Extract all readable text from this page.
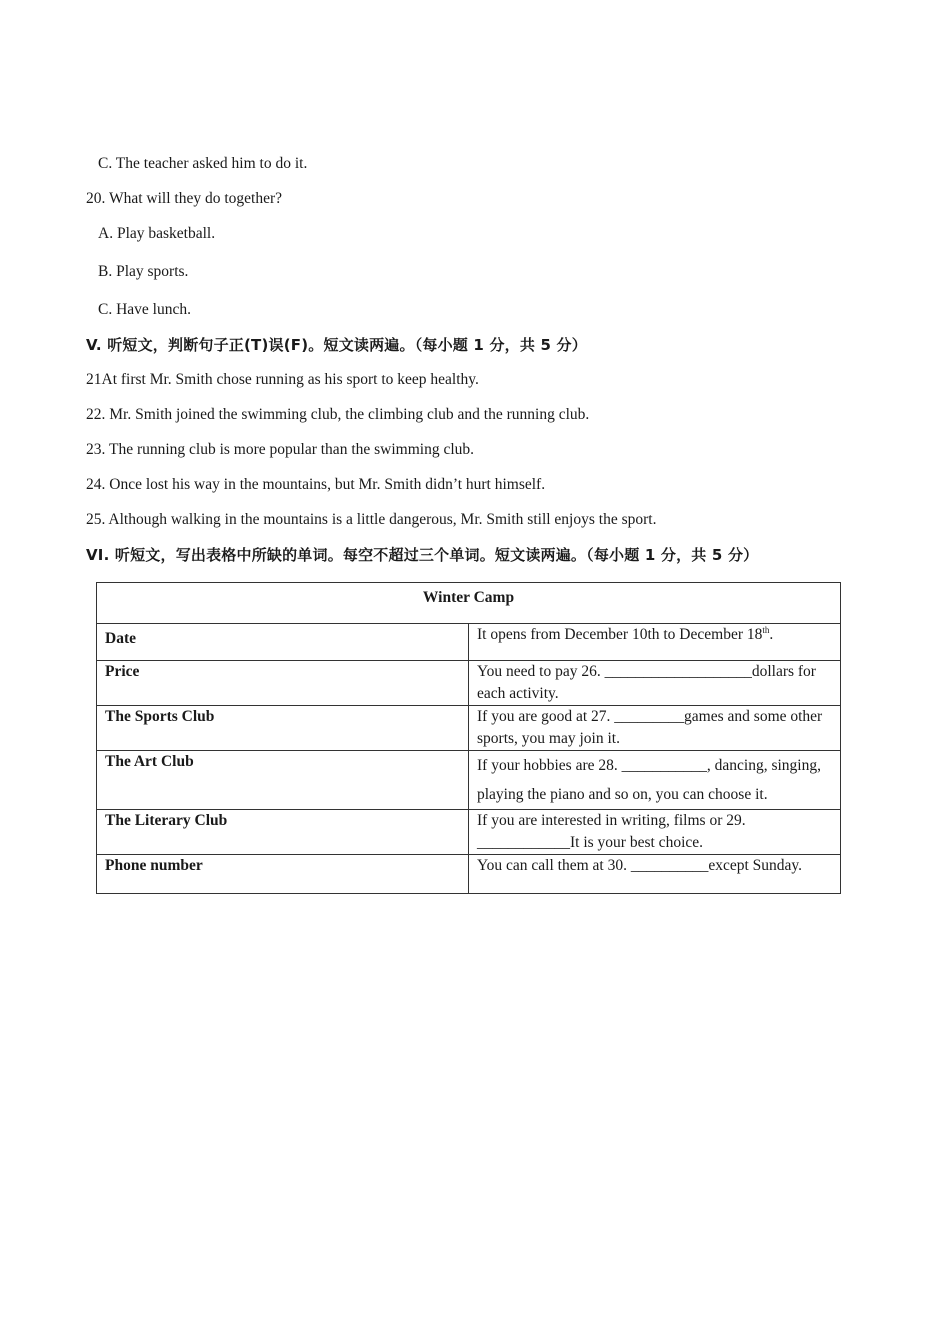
C. The teacher asked him to do it.
20. What will they do together?
A. Play basketball.
B. Play sports.
C. Have lunch.
V. 听短文，判断句子正(T)误(F)。短文读两遍。（每小题 1 分，共 5 分）
21At first Mr. Smith chose running as his sport to keep healthy.
22. Mr. Smith joined the swimming club, the climbing club and the running club.
23. The running club is more popular than the swimming club.
24. Once lost his way in the mountains, but Mr. Smith didn’t hurt himself.
25. Although walking in the mountains is a little dangerous, Mr. Smith still enjoys the sport.
VI. 听短文，写出表格中所缺的单词。每空不超过三个单词。短文读两遍。（每小题 1 分，共 5 分）
Winter Camp	
Date	It opens from December 10th to December 18th.
Price	You need to pay 26. ___________________dollars for each activity.
The Sports Club	If you are good at 27. _________games and some other sports, you may join it.
The Art Club	If your hobbies are 28. ___________, dancing, singing, playing the piano and so on, you can choose it.
The Literary Club	If you are interested in writing, films or 29. ____________It is your best choice.
Phone number	You can call them at 30. __________except Sunday.
